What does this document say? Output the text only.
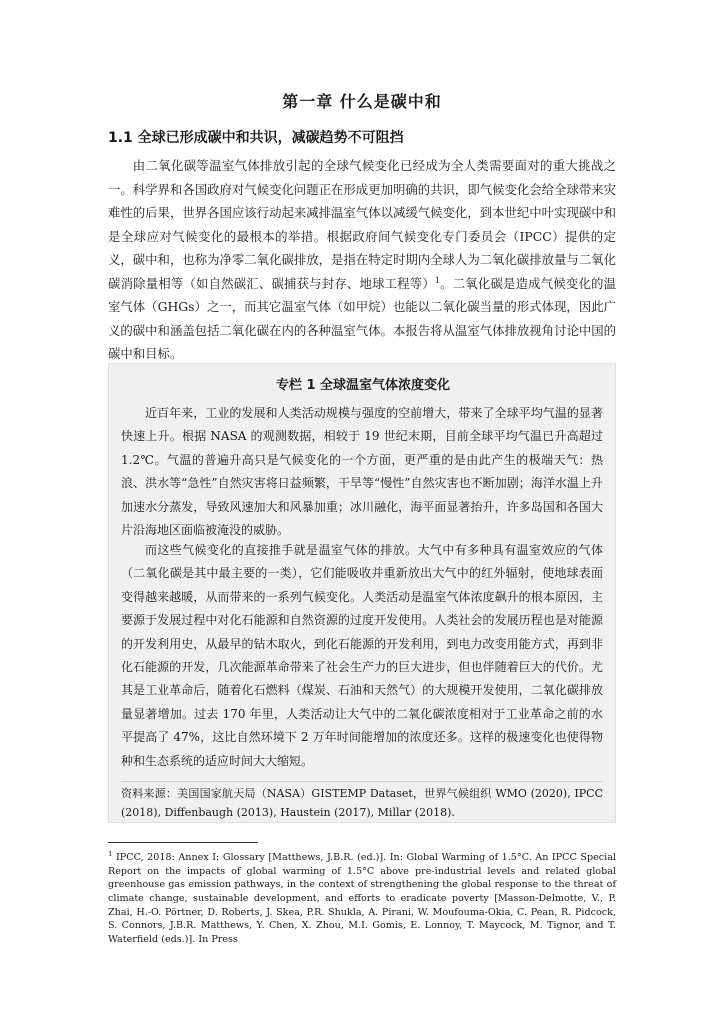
第一章 什么是碳中和
1.1 全球已形成碳中和共识，减碳趋势不可阻挡
由二氧化碳等温室气体排放引起的全球气候变化已经成为全人类需要面对的重大挑战之一。科学界和各国政府对气候变化问题正在形成更加明确的共识，即气候变化会给全球带来灾难性的后果，世界各国应该行动起来减排温室气体以减缓气候变化，到本世纪中叶实现碳中和是全球应对气候变化的最根本的举措。根据政府间气候变化专门委员会（IPCC）提供的定义，碳中和，也称为净零二氧化碳排放，是指在特定时期内全球人为二氧化碳排放量与二氧化碳消除量相等（如自然碳汇、碳捕获与封存、地球工程等）$^1$。二氧化碳是造成气候变化的温室气体（GHGs）之一，而其它温室气体（如甲烷）也能以二氧化碳当量的形式体现，因此广义的碳中和涵盖包括二氧化碳在内的各种温室气体。本报告将从温室气体排放视角讨论中国的碳中和目标。
专栏 1 全球温室气体浓度变化
近百年来，工业的发展和人类活动规模与强度的空前增大，带来了全球平均气温的显著快速上升。根据 NASA 的观测数据，相较于 19 世纪末期，目前全球平均气温已升高超过1.2℃。气温的普遍升高只是气候变化的一个方面，更严重的是由此产生的极端天气：热浪、洪水等“急性”自然灾害将日益频繁，干旱等“慢性”自然灾害也不断加剧；海洋水温上升加速水分蒸发，导致风速加大和风暴加重；冰川融化，海平面显著抬升，许多岛国和各国大片沿海地区面临被淹没的威胁。
而这些气候变化的直接推手就是温室气体的排放。大气中有多种具有温室效应的气体（二氧化碳是其中最主要的一类），它们能吸收并重新放出大气中的红外辐射，使地球表面变得越来越暖，从而带来的一系列气候变化。人类活动是温室气体浓度飙升的根本原因，主要源于发展过程中对化石能源和自然资源的过度开发使用。人类社会的发展历程也是对能源的开发利用史，从最早的钻木取火，到化石能源的开发利用，到电力改变用能方式，再到非化石能源的开发，几次能源革命带来了社会生产力的巨大进步，但也伴随着巨大的代价。尤其是工业革命后，随着化石燃料（煤炭、石油和天然气）的大规模开发使用，二氧化碳排放量显著增加。过去 170 年里，人类活动让大气中的二氧化碳浓度相对于工业革命之前的水平提高了 47%，这比自然环境下 2 万年时间能增加的浓度还多。这样的极速变化也使得物种和生态系统的适应时间大大缩短。
资料来源：美国国家航天局（NASA）GISTEMP Dataset，世界气候组织 WMO (2020), IPCC (2018), Diffenbaugh (2013), Haustein (2017), Millar (2018).
$^1$ IPCC, 2018: Annex I: Glossary [Matthews, J.B.R. (ed.)]. In: Global Warming of 1.5°C. An IPCC Special Report on the impacts of global warming of 1.5°C above pre-industrial levels and related global greenhouse gas emission pathways, in the context of strengthening the global response to the threat of climate change, sustainable development, and efforts to eradicate poverty [Masson-Delmotte, V., P. Zhai, H.-O. Pörtner, D. Roberts, J. Skea, P.R. Shukla, A. Pirani, W. Moufouma-Okia, C. Pean, R. Pidcock, S. Connors, J.B.R. Matthews, Y. Chen, X. Zhou, M.I. Gomis, E. Lonnoy, T. Maycock, M. Tignor, and T. Waterfield (eds.)]. In Press
